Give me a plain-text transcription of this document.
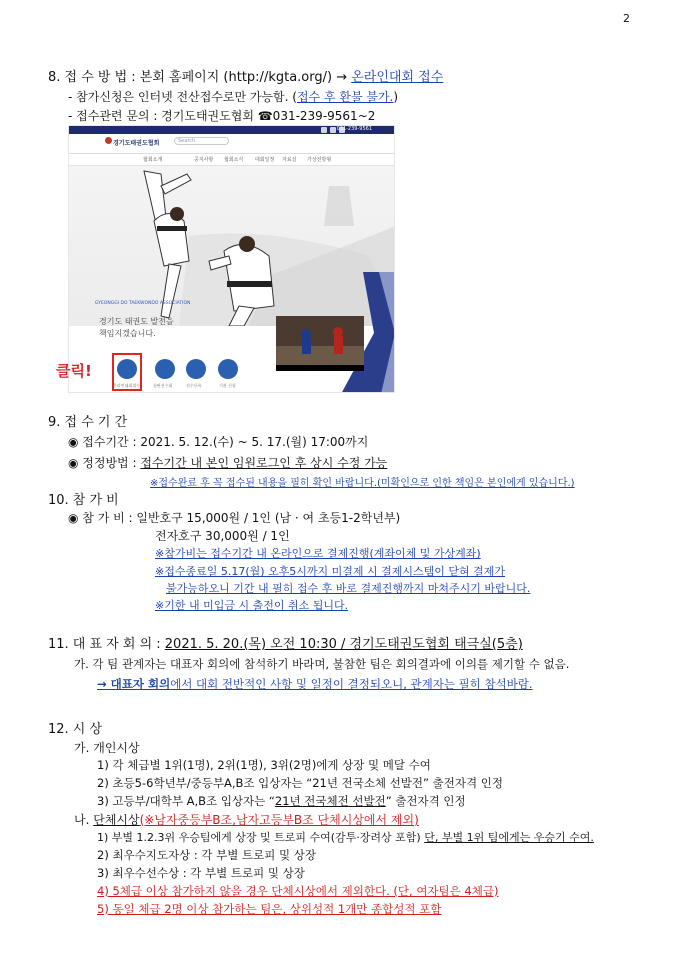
2
8. 접 수 방 법 : 본회 홈페이지 (http://kgta.org/) → 온라인대회 접수
- 참가신청은 인터넷 전산접수로만 가능함. (접수 후 환불 불가.)
- 접수관련 문의 : 경기도태권도협회 ☎031-239-9561~2
031-239-9561
경기도태권도협회	Search
협회소개	공지사항 협회소식 대회일정 자료실 가상전방형
GYEONGGI DO TAEKWONDO ASSOCIATION
경기도 태권도 발전을 책임지겠습니다.
온라인대회접수	심판선수회	선수등록	기관 신청
클릭!
9. 접 수 기 간
◉ 접수기간 : 2021. 5. 12.(수) ~ 5. 17.(월) 17:00까지
◉ 정정방법 : 접수기간 내 본인 임원로그인 후 상시 수정 가능
※접수완료 후 꼭 접수된 내용을 필히 확인 바랍니다.(미확인으로 인한 책임은 본인에게 있습니다.)
10. 참 가 비
◉ 참 가 비 : 일반호구 15,000원 / 1인 (남 · 여 초등1-2학년부)
전자호구 30,000원 / 1인
※참가비는 접수기간 내 온라인으로 결제진행(계좌이체 및 가상계좌)
※접수종료일 5.17(월) 오후5시까지 미결제 시 결제시스템이 닫혀 결제가
불가능하오니 기간 내 필히 접수 후 바로 결제진행까지 마쳐주시기 바랍니다.
※기한 내 미입금 시 출전이 취소 됩니다.
11. 대 표 자 회 의 : 2021. 5. 20.(목) 오전 10:30 / 경기도태권도협회 태극실(5층)
가. 각 팀 관계자는 대표자 회의에 참석하기 바라며, 불참한 팀은 회의결과에 이의를 제기할 수 없음.
→ 대표자 회의에서 대회 전반적인 사항 및 일정이 결정되오니, 관계자는 필히 참석바람.
12. 시 상
가. 개인시상
1) 각 체급별 1위(1명), 2위(1명), 3위(2명)에게 상장 및 메달 수여
2) 초등5-6학년부/중등부A,B조 입상자는 “21년 전국소체 선발전” 출전자격 인정
3) 고등부/대학부 A,B조 입상자는 “21년 전국체전 선발전” 출전자격 인정
나. 단체시상(※남자중등부B조,남자고등부B조 단체시상에서 제외)
1) 부별 1.2.3위 우승팀에게 상장 및 트로피 수여(감투·장려상 포함) 단, 부별 1위 팀에게는 우승기 수여.
2) 최우수지도자상 : 각 부별 트로피 및 상장
3) 최우수선수상 : 각 부별 트로피 및 상장
4) 5체급 이상 참가하지 않을 경우 단체시상에서 제외한다. (단, 여자팀은 4체급)
5) 동일 체급 2명 이상 참가하는 팀은, 상위성적 1개만 종합성적 포함
